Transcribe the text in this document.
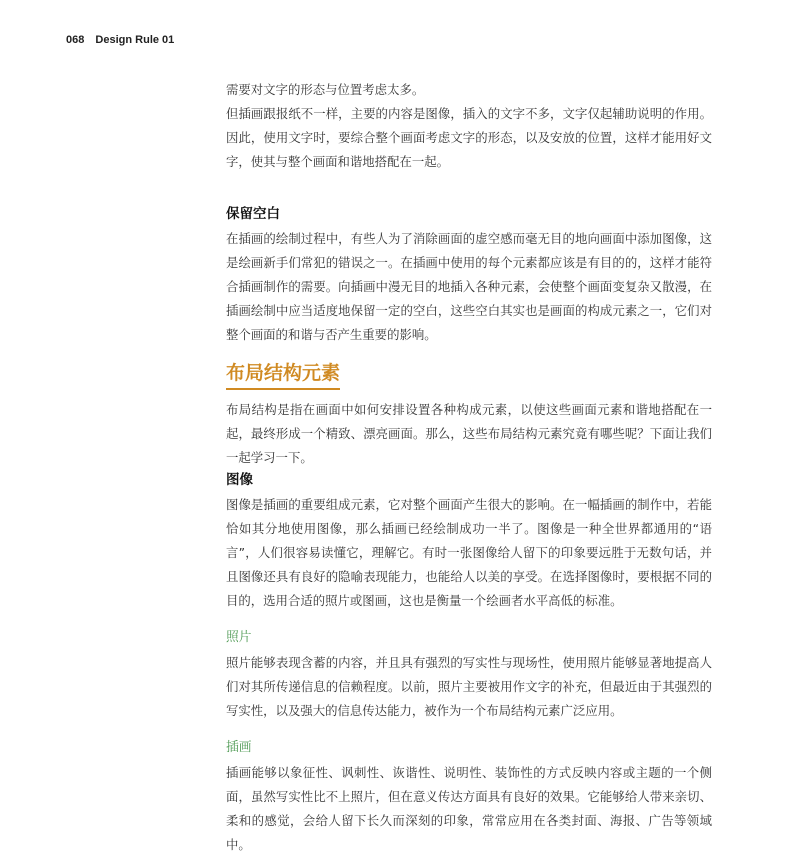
068 Design Rule 01

需要对文字的形态与位置考虑太多。

但插画跟报纸不一样，主要的内容是图像，插入的文字不多，文字仅起辅助说明的作用。因此，使用文字时，要综合整个画面考虑文字的形态，以及安放的位置，这样才能用好文字，使其与整个画面和谐地搭配在一起。

保留空白

在插画的绘制过程中，有些人为了消除画面的虚空感而毫无目的地向画面中添加图像，这是绘画新手们常犯的错误之一。在插画中使用的每个元素都应该是有目的的，这样才能符合插画制作的需要。向插画中漫无目的地插入各种元素，会使整个画面变复杂又散漫，在插画绘制中应当适度地保留一定的空白，这些空白其实也是画面的构成元素之一，它们对整个画面的和谐与否产生重要的影响。

布局结构元素

布局结构是指在画面中如何安排设置各种构成元素，以使这些画面元素和谐地搭配在一起，最终形成一个精致、漂亮画面。那么，这些布局结构元素究竟有哪些呢？下面让我们一起学习一下。

图像

图像是插画的重要组成元素，它对整个画面产生很大的影响。在一幅插画的制作中，若能恰如其分地使用图像，那么插画已经绘制成功一半了。图像是一种全世界都通用的“语言”，人们很容易读懂它，理解它。有时一张图像给人留下的印象要远胜于无数句话，并且图像还具有良好的隐喻表现能力，也能给人以美的享受。在选择图像时，要根据不同的目的，选用合适的照片或图画，这也是衡量一个绘画者水平高低的标准。

照片

照片能够表现含蓄的内容，并且具有强烈的写实性与现场性，使用照片能够显著地提高人们对其所传递信息的信赖程度。以前，照片主要被用作文字的补充，但最近由于其强烈的写实性，以及强大的信息传达能力，被作为一个布局结构元素广泛应用。

插画

插画能够以象征性、讽刺性、诙谐性、说明性、装饰性的方式反映内容或主题的一个侧面，虽然写实性比不上照片，但在意义传达方面具有良好的效果。它能够给人带来亲切、柔和的感觉，会给人留下长久而深刻的印象，常常应用在各类封面、海报、广告等领域中。
